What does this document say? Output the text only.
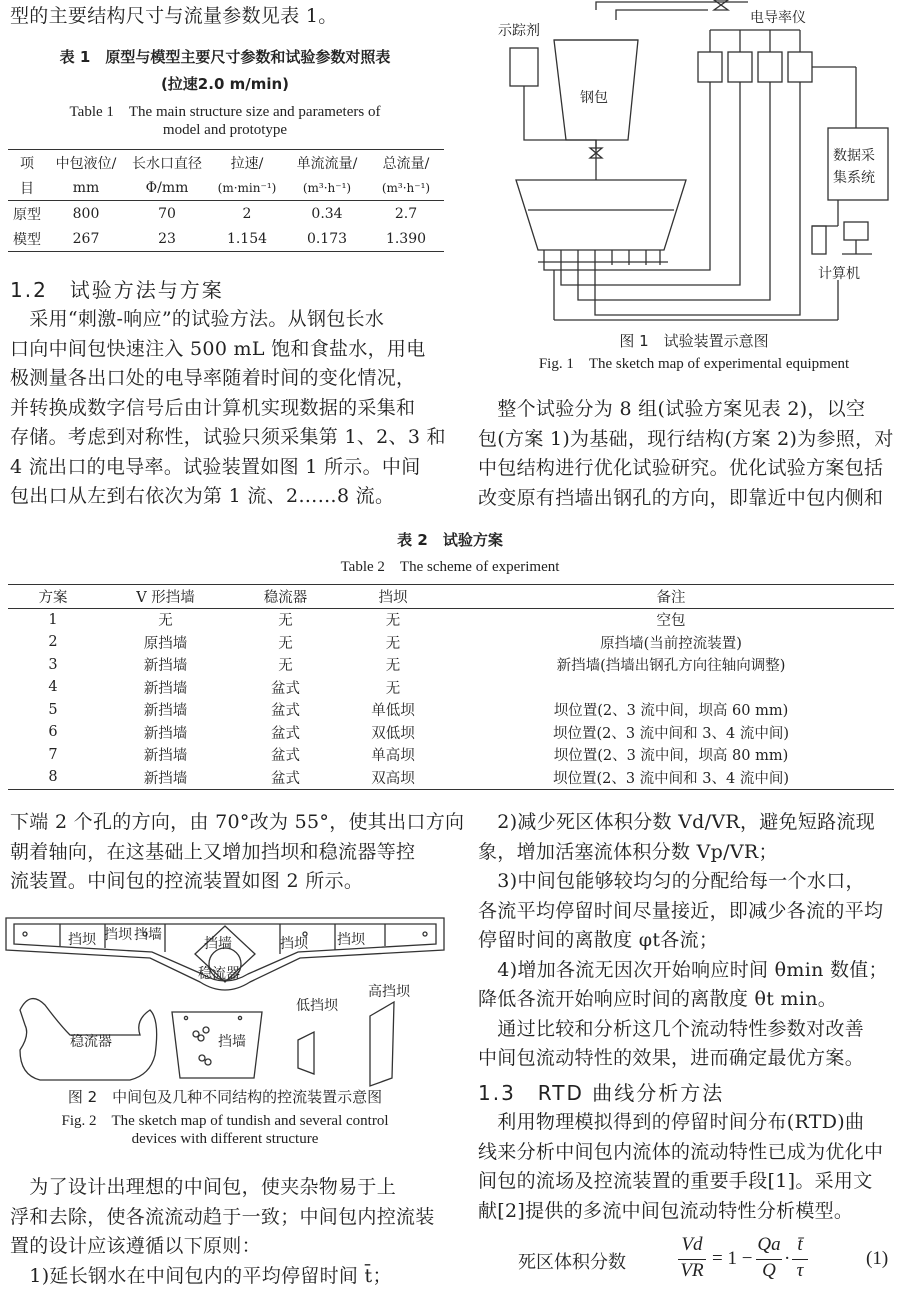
型的主要结构尺寸与流量参数见表 1。
表 1　原型与模型主要尺寸参数和试验参数对照表
(拉速2.0 m/min)
Table 1　The main structure size and parameters of
model and prototype
项	中包液位/	长水口直径	拉速/	单流流量/	总流量/
目	mm	Φ/mm	(m·min⁻¹)	(m³·h⁻¹)	(m³·h⁻¹)
原型	800	70	2	0.34	2.7
模型	267	23	1.154	0.173	1.390
1.2　试验方法与方案
　采用“刺激-响应”的试验方法。从钢包长水
口向中间包快速注入 500 mL 饱和食盐水，用电
极测量各出口处的电导率随着时间的变化情况，
并转换成数字信号后由计算机实现数据的采集和
存储。考虑到对称性，试验只须采集第 1、2、3 和
4 流出口的电导率。试验装置如图 1 所示。中间
包出口从左到右依次为第 1 流、2……8 流。
示踪剂
钢包
电导率仪
数据采
集系统
计算机
图 1　试验装置示意图
Fig. 1　The sketch map of experimental equipment
　整个试验分为 8 组(试验方案见表 2)，以空
包(方案 1)为基础，现行结构(方案 2)为参照，对
中包结构进行优化试验研究。优化试验方案包括
改变原有挡墙出钢孔的方向，即靠近中包内侧和
表 2　试验方案
Table 2　The scheme of experiment
方案	V 形挡墙	稳流器	挡坝	备注
1	无	无	无	空包
2	原挡墙	无	无	原挡墙(当前控流装置)
3	新挡墙	无	无	新挡墙(挡墙出钢孔方向往轴向调整)
4	新挡墙	盆式	无	
5	新挡墙	盆式	单低坝	坝位置(2、3 流中间，坝高 60 mm)
6	新挡墙	盆式	双低坝	坝位置(2、3 流中间和 3、4 流中间)
7	新挡墙	盆式	单高坝	坝位置(2、3 流中间，坝高 80 mm)
8	新挡墙	盆式	双高坝	坝位置(2、3 流中间和 3、4 流中间)
下端 2 个孔的方向，由 70°改为 55°，使其出口方向
朝着轴向，在这基础上又增加挡坝和稳流器等控
流装置。中间包的控流装置如图 2 所示。
挡坝 挡坝 挡墙
挡墙	挡坝 挡坝
稳流器
稳流器	挡墙
低挡坝
高挡坝
图 2　中间包及几种不同结构的控流装置示意图
Fig. 2　The sketch map of tundish and several control
devices with different structure
　为了设计出理想的中间包，使夹杂物易于上
浮和去除，使各流流动趋于一致；中间包内控流装
置的设计应该遵循以下原则：
　1)延长钢水在中间包内的平均停留时间 t̄；
　2)减少死区体积分数 Vd/VR，避免短路流现
象，增加活塞流体积分数 Vp/VR；
　3)中间包能够较均匀的分配给每一个水口，
各流平均停留时间尽量接近，即减少各流的平均
停留时间的离散度 φt各流；
　4)增加各流无因次开始响应时间 θmin 数值；
降低各流开始响应时间的离散度 θt min。
　通过比较和分析这几个流动特性参数对改善
中间包流动特性的效果，进而确定最优方案。
1.3　RTD 曲线分析方法
　利用物理模拟得到的停留时间分布(RTD)曲
线来分析中间包内流体的流动特性已成为优化中
间包的流场及控流装置的重要手段[1]。采用文
献[2]提供的多流中间包流动特性分析模型。
死区体积分数
Vd
VR
= 1 −
Qa
Q
·
t̄
τ
(1)
